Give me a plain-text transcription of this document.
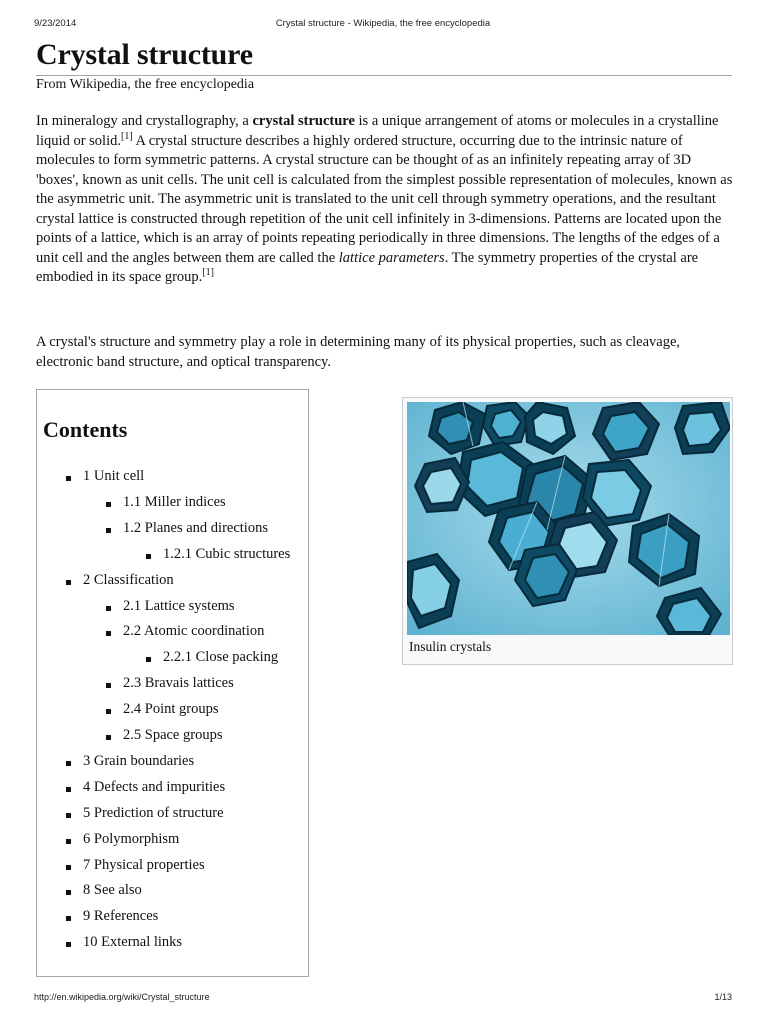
9/23/2014	Crystal structure - Wikipedia, the free encyclopedia
Crystal structure
From Wikipedia, the free encyclopedia

In mineralogy and crystallography, a crystal structure is a unique arrangement of atoms or molecules in a crystalline liquid or solid.[1] A crystal structure describes a highly ordered structure, occurring due to the intrinsic nature of molecules to form symmetric patterns. A crystal structure can be thought of as an infinitely repeating array of 3D 'boxes', known as unit cells. The unit cell is calculated from the simplest possible representation of molecules, known as the asymmetric unit. The asymmetric unit is translated to the unit cell through symmetry operations, and the resultant crystal lattice is constructed through repetition of the unit cell infinitely in 3-dimensions. Patterns are located upon the points of a lattice, which is an array of points repeating periodically in three dimensions. The lengths of the edges of a unit cell and the angles between them are called the lattice parameters. The symmetry properties of the crystal are embodied in its space group.[1]

A crystal's structure and symmetry play a role in determining many of its physical properties, such as cleavage, electronic band structure, and optical transparency.

Contents
1 Unit cell
1.1 Miller indices
1.2 Planes and directions
1.2.1 Cubic structures
2 Classification
2.1 Lattice systems
2.2 Atomic coordination
2.2.1 Close packing
2.3 Bravais lattices
2.4 Point groups
2.5 Space groups
3 Grain boundaries
4 Defects and impurities
5 Prediction of structure
6 Polymorphism
7 Physical properties
8 See also
9 References
10 External links
Insulin crystals
http://en.wikipedia.org/wiki/Crystal_structure	1/13
